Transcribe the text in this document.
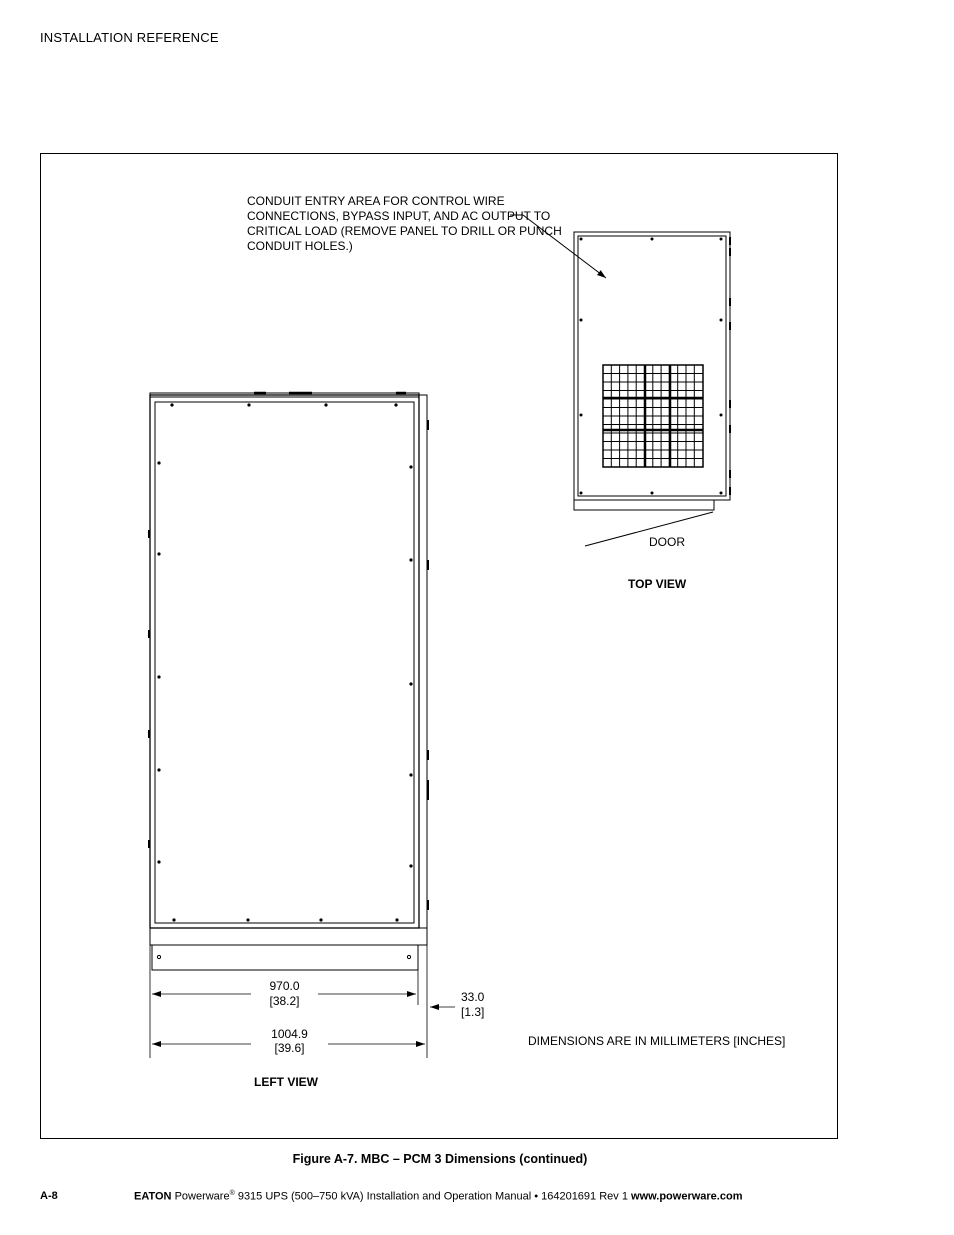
INSTALLATION REFERENCE
CONDUIT ENTRY AREA FOR CONTROL WIRE
CONNECTIONS, BYPASS INPUT, AND AC OUTPUT TO
CRITICAL LOAD (REMOVE PANEL TO DRILL OR PUNCH
CONDUIT HOLES.)
DOOR
TOP VIEW
970.0
[38.2]
1004.9
[39.6]
33.0
[1.3]
DIMENSIONS ARE IN MILLIMETERS [INCHES]
LEFT VIEW
Figure A-7. MBC – PCM 3 Dimensions (continued)
A-8	EATON Powerware® 9315 UPS (500–750 kVA) Installation and Operation Manual • 164201691 Rev 1 www.powerware.com
